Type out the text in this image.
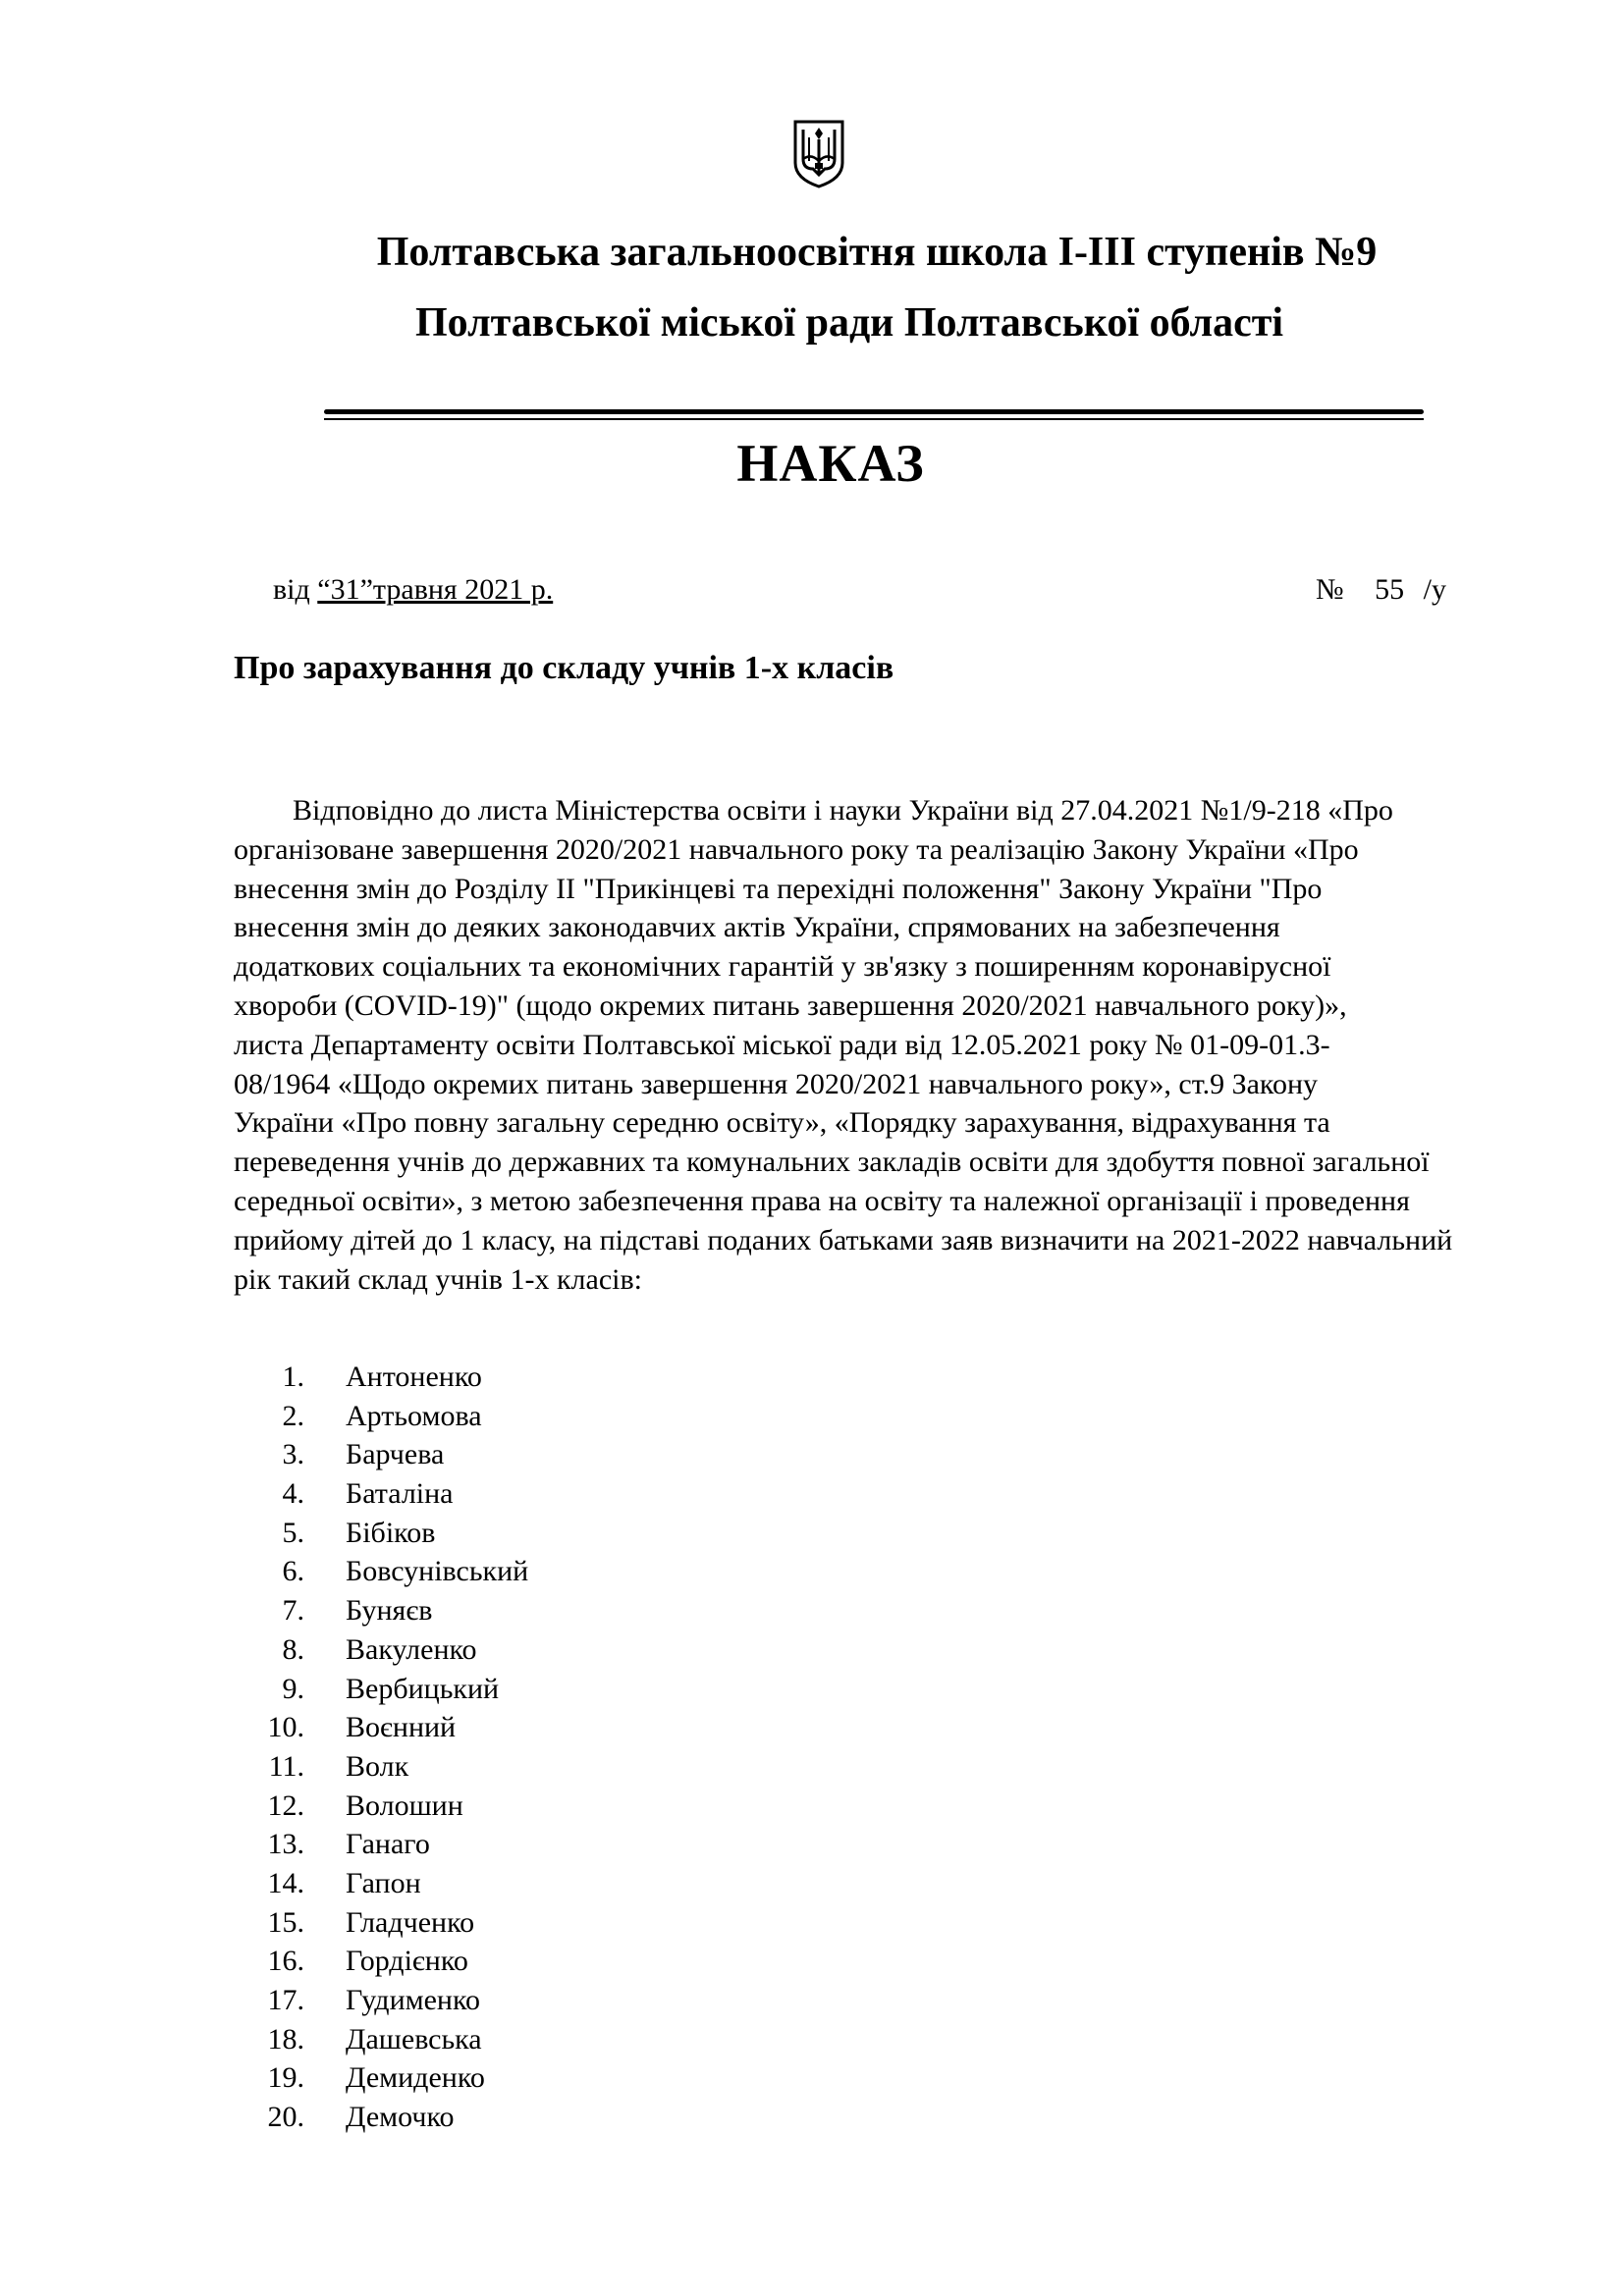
Полтавська загальноосвітня школа І-ІІІ ступенів №9
Полтавської міської ради Полтавської області
НАКАЗ
від “31”травня 2021 р.	№ 55 /у
Про зарахування до складу учнів 1-х класів
Відповідно до листа Міністерства освіти і науки України від 27.04.2021 №1/9-218 «Про
організоване завершення 2020/2021 навчального року та реалізацію Закону України «Про
внесення змін до Розділу II "Прикінцеві та перехідні положення" Закону України "Про
внесення змін до деяких законодавчих актів України, спрямованих на забезпечення
додаткових соціальних та економічних гарантій у зв'язку з поширенням коронавірусної
хвороби (COVID-19)" (щодо окремих питань завершення 2020/2021 навчального року)»,
листа Департаменту освіти Полтавської міської ради від 12.05.2021 року № 01-09-01.3-
08/1964 «Щодо окремих питань завершення 2020/2021 навчального року», ст.9 Закону
України «Про повну загальну середню освіту», «Порядку зарахування, відрахування та
переведення учнів до державних та комунальних закладів освіти для здобуття повної загальної
середньої освіти», з метою забезпечення права на освіту та належної організації і проведення
прийому дітей до 1 класу, на підставі поданих батьками заяв визначити на 2021-2022 навчальний
рік такий склад учнів 1-х класів:
1. Антоненко
2. Артьомова
3. Барчева
4. Баталіна
5. Бібіков
6. Бовсунівський
7. Буняєв
8. Вакуленко
9. Вербицький
10. Воєнний
11. Волк
12. Волошин
13. Ганаго
14. Гапон
15. Гладченко
16. Гордієнко
17. Гудименко
18. Дашевська
19. Демиденко
20. Демочко
